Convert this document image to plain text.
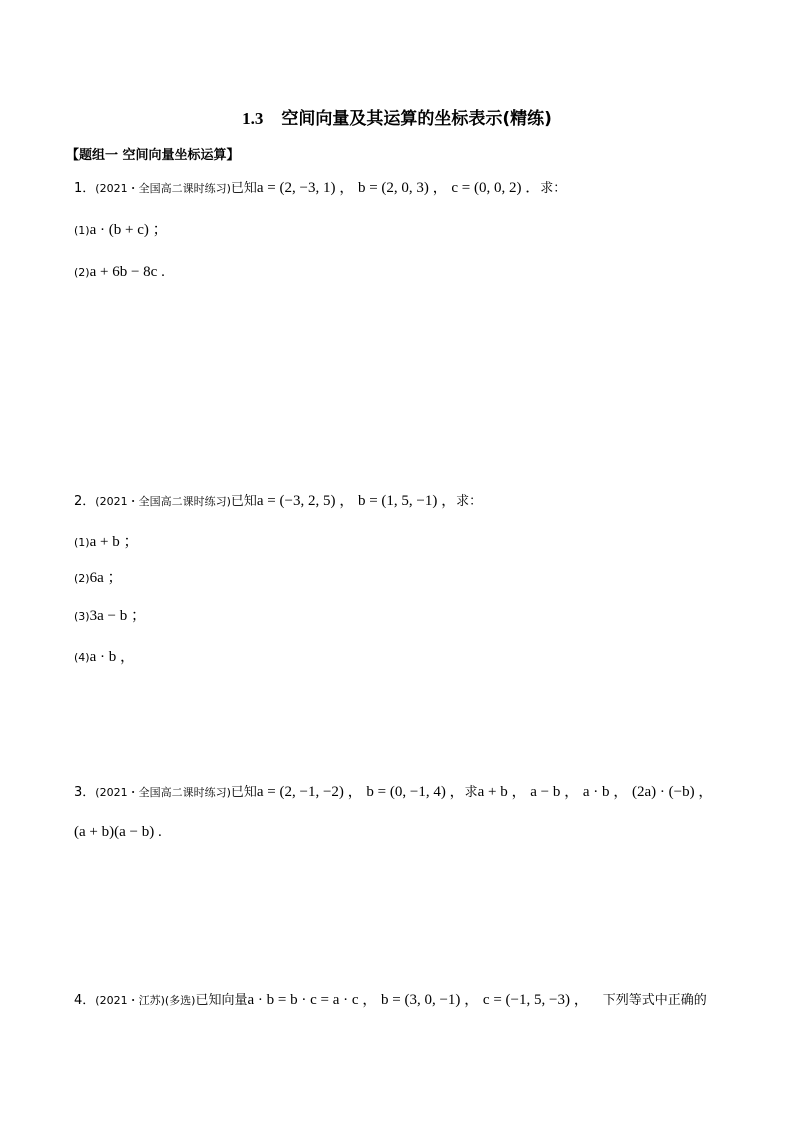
1.3 空间向量及其运算的坐标表示(精练)
【题组一 空间向量坐标运算】
1．(2021・全国高二课时练习)已知a = (2, −3, 1) ， b = (2, 0, 3) ， c = (0, 0, 2) ．求：
(1)a · (b + c) ；
(2)a + 6b − 8c .
2．(2021・全国高二课时练习)已知a = (−3, 2, 5) ， b = (1, 5, −1) ，求：
(1)a + b ；
(2)6a ；
(3)3a − b ；
(4)a · b ，
3．(2021・全国高二课时练习)已知a = (2, −1, −2) ， b = (0, −1, 4) ，求a + b ， a − b ， a · b ， (2a) · (−b) ，
(a + b)(a − b) .
4．(2021・江苏)(多选)已知向量a · b = b · c = a · c ， b = (3, 0, −1) ， c = (−1, 5, −3) ， 下列等式中正确的
